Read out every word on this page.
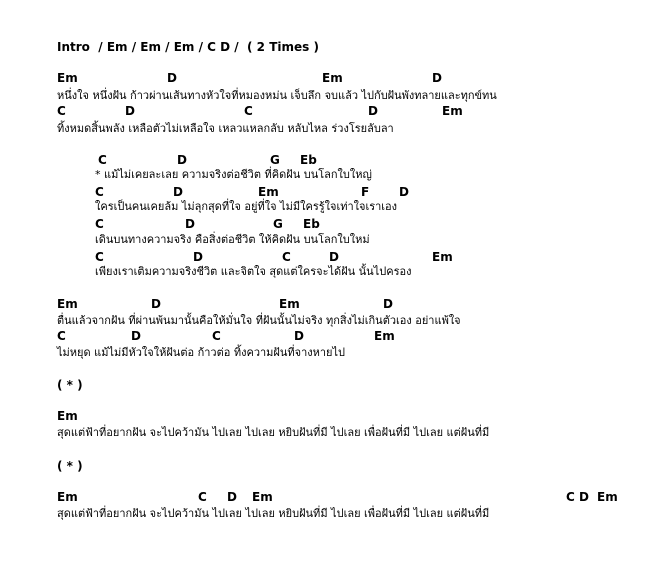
Intro  / Em / Em / Em / C D /  ( 2 Times )
Em	D	Em	D
หนึ่งใจ หนึ่งฝัน ก้าวผ่านเส้นทางหัวใจที่หมองหม่น เจ็บลึก จบแล้ว ไปกับฝันพังทลายและทุกข์ทน
C	D	C	D	Em
ทิ้งหมดสิ้นพลัง เหลือตัวไม่เหลือใจ เหลวแหลกลับ หลับไหล ร่วงโรยลับลา
C	D	G Eb
* แม้ไม่เคยละเลย ความจริงต่อชีวิต ที่คิดฝัน บนโลกใบใหญ่
C	D	Em	F D
ใครเป็นคนเคยล้ม ไม่ลุกสุดที่ใจ อยู่ที่ใจ ไม่มีใครรู้ใจเท่าใจเราเอง
C	D	G Eb
เดินบนทางความจริง คือสิ่งต่อชีวิต ให้คิดฝัน บนโลกใบใหม่
C	D	C	D	Em
เพียงเราเติมความจริงชีวิต และจิตใจ สุดแต่ใครจะได้ฝัน นั้นไปครอง
Em	D	Em	D
ตื่นแล้วจากฝัน ที่ผ่านพ้นมานั้นคือให้มั่นใจ ที่ฝันนั้นไม่จริง ทุกสิ่งไม่เกินตัวเอง อย่าแพ้ใจ
C	D	C	D	Em
ไม่หยุด แม้ไม่มีหัวใจให้ฝันต่อ ก้าวต่อ ทิ้งความฝันที่จางหายไป
( * )
Em
สุดแต่ฟ้าที่อยากฝัน จะไปคว้ามัน ไปเลย ไปเลย หยิบฝันที่มี ไปเลย เพื่อฝันที่มี ไปเลย แต่ฝันที่มี
( * )
Em	C D Em	C D Em
สุดแต่ฟ้าที่อยากฝัน จะไปคว้ามัน ไปเลย ไปเลย หยิบฝันที่มี ไปเลย เพื่อฝันที่มี ไปเลย แต่ฝันที่มี
